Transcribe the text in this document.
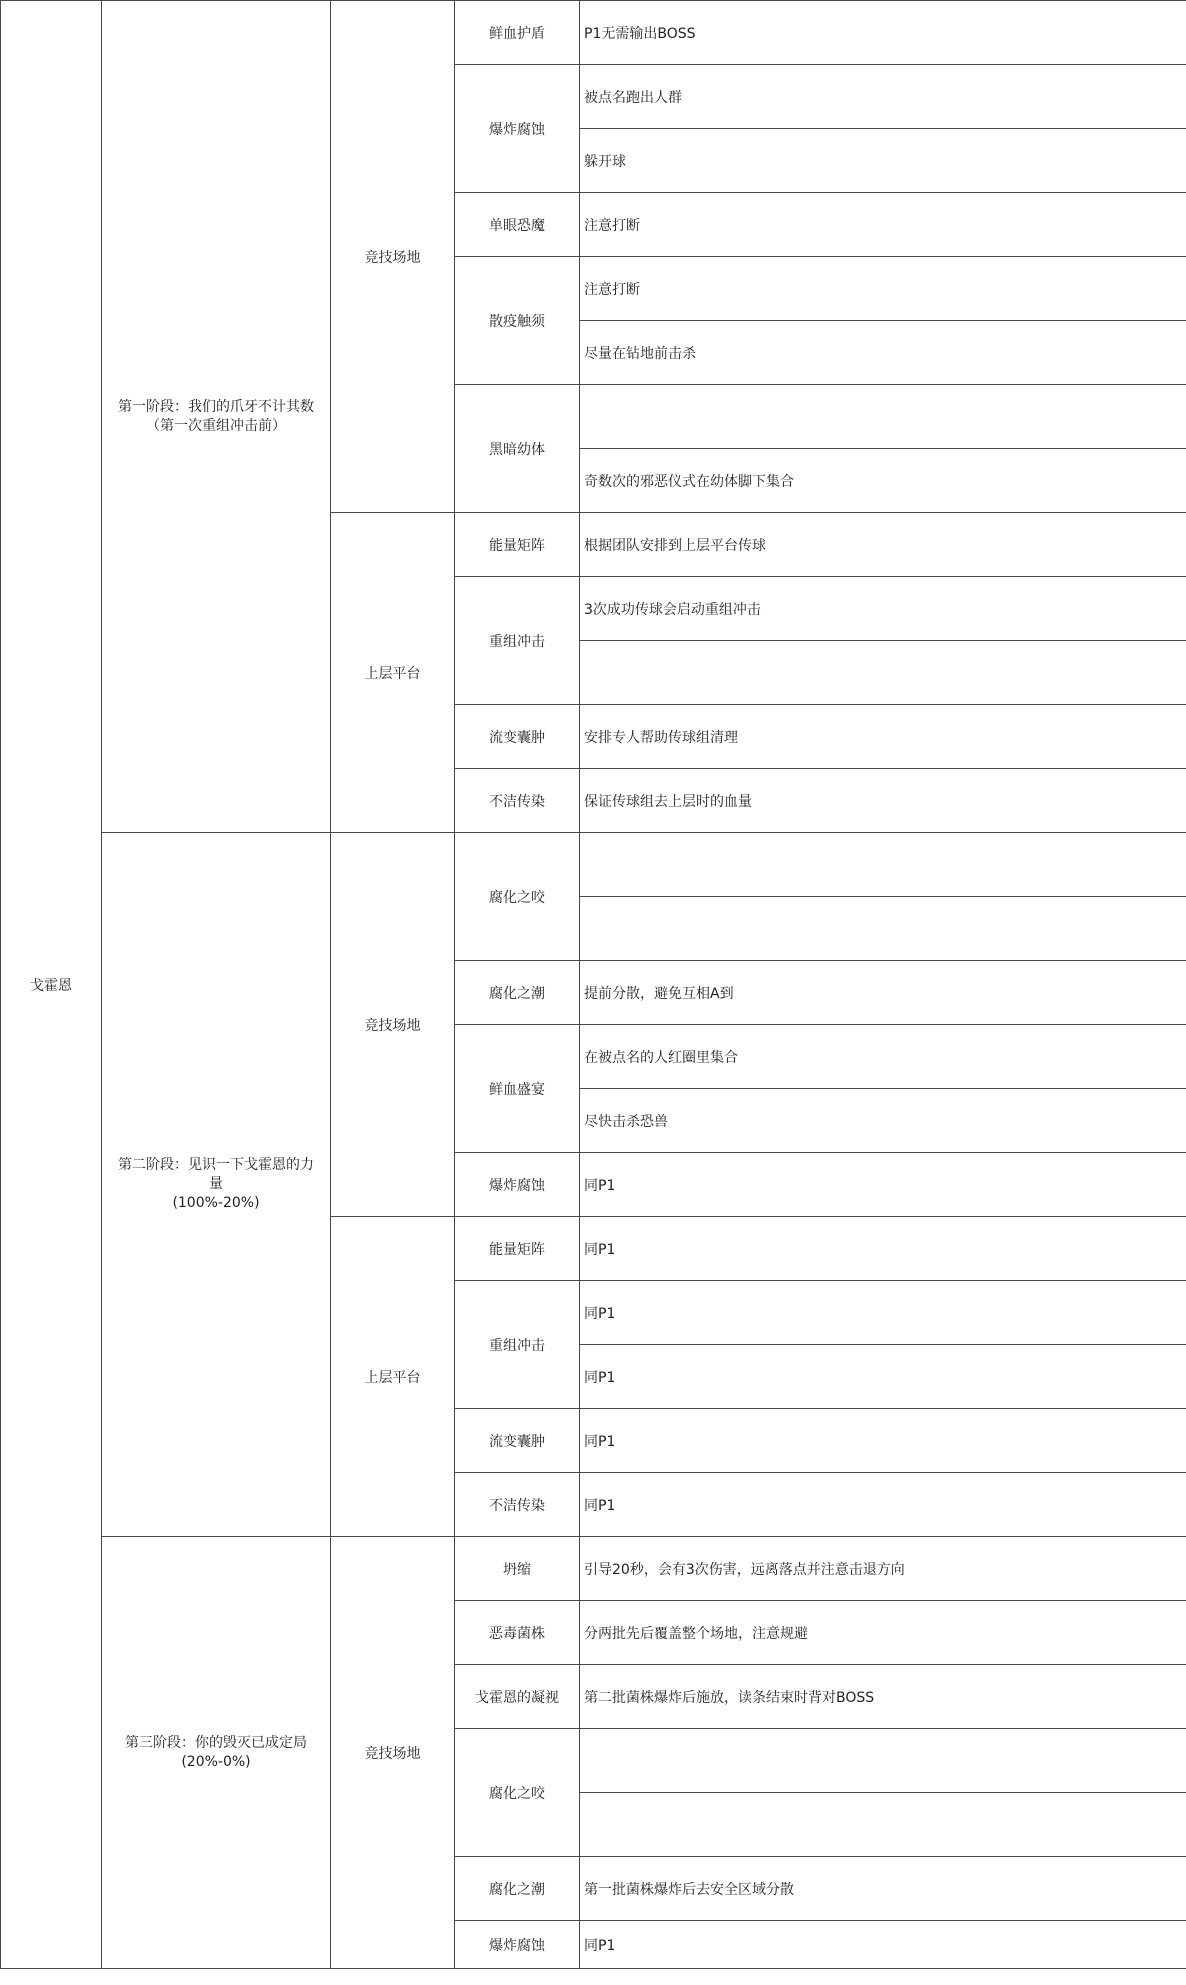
戈霍恩	第一阶段：我们的爪牙不计其数
（第一次重组冲击前）	竞技场地	鲜血护盾	P1无需输出BOSS
			爆炸腐蚀	被点名跑出人群
				躲开球
			单眼恐魔	注意打断
			散疫触须	注意打断
				尽量在钻地前击杀
			黑暗幼体	
				奇数次的邪恶仪式在幼体脚下集合
		上层平台	能量矩阵	根据团队安排到上层平台传球
			重组冲击	3次成功传球会启动重组冲击

			流变囊肿	安排专人帮助传球组清理
			不洁传染	保证传球组去上层时的血量

	第二阶段：见识一下戈霍恩的力
量
(100%-20%)	竞技场地	腐化之咬	

			腐化之潮	提前分散，避免互相A到
			鲜血盛宴	在被点名的人红圈里集合
				尽快击杀恐兽
			爆炸腐蚀	同P1
		上层平台	能量矩阵	同P1
			重组冲击	同P1
				同P1
			流变囊肿	同P1
			不洁传染	同P1

	第三阶段：你的毁灭已成定局
(20%-0%)	竞技场地	坍缩	引导20秒，会有3次伤害，远离落点并注意击退方向
			恶毒菌株	分两批先后覆盖整个场地，注意规避
			戈霍恩的凝视	第二批菌株爆炸后施放，读条结束时背对BOSS
			腐化之咬	

			腐化之潮	第一批菌株爆炸后去安全区域分散
			爆炸腐蚀	同P1
